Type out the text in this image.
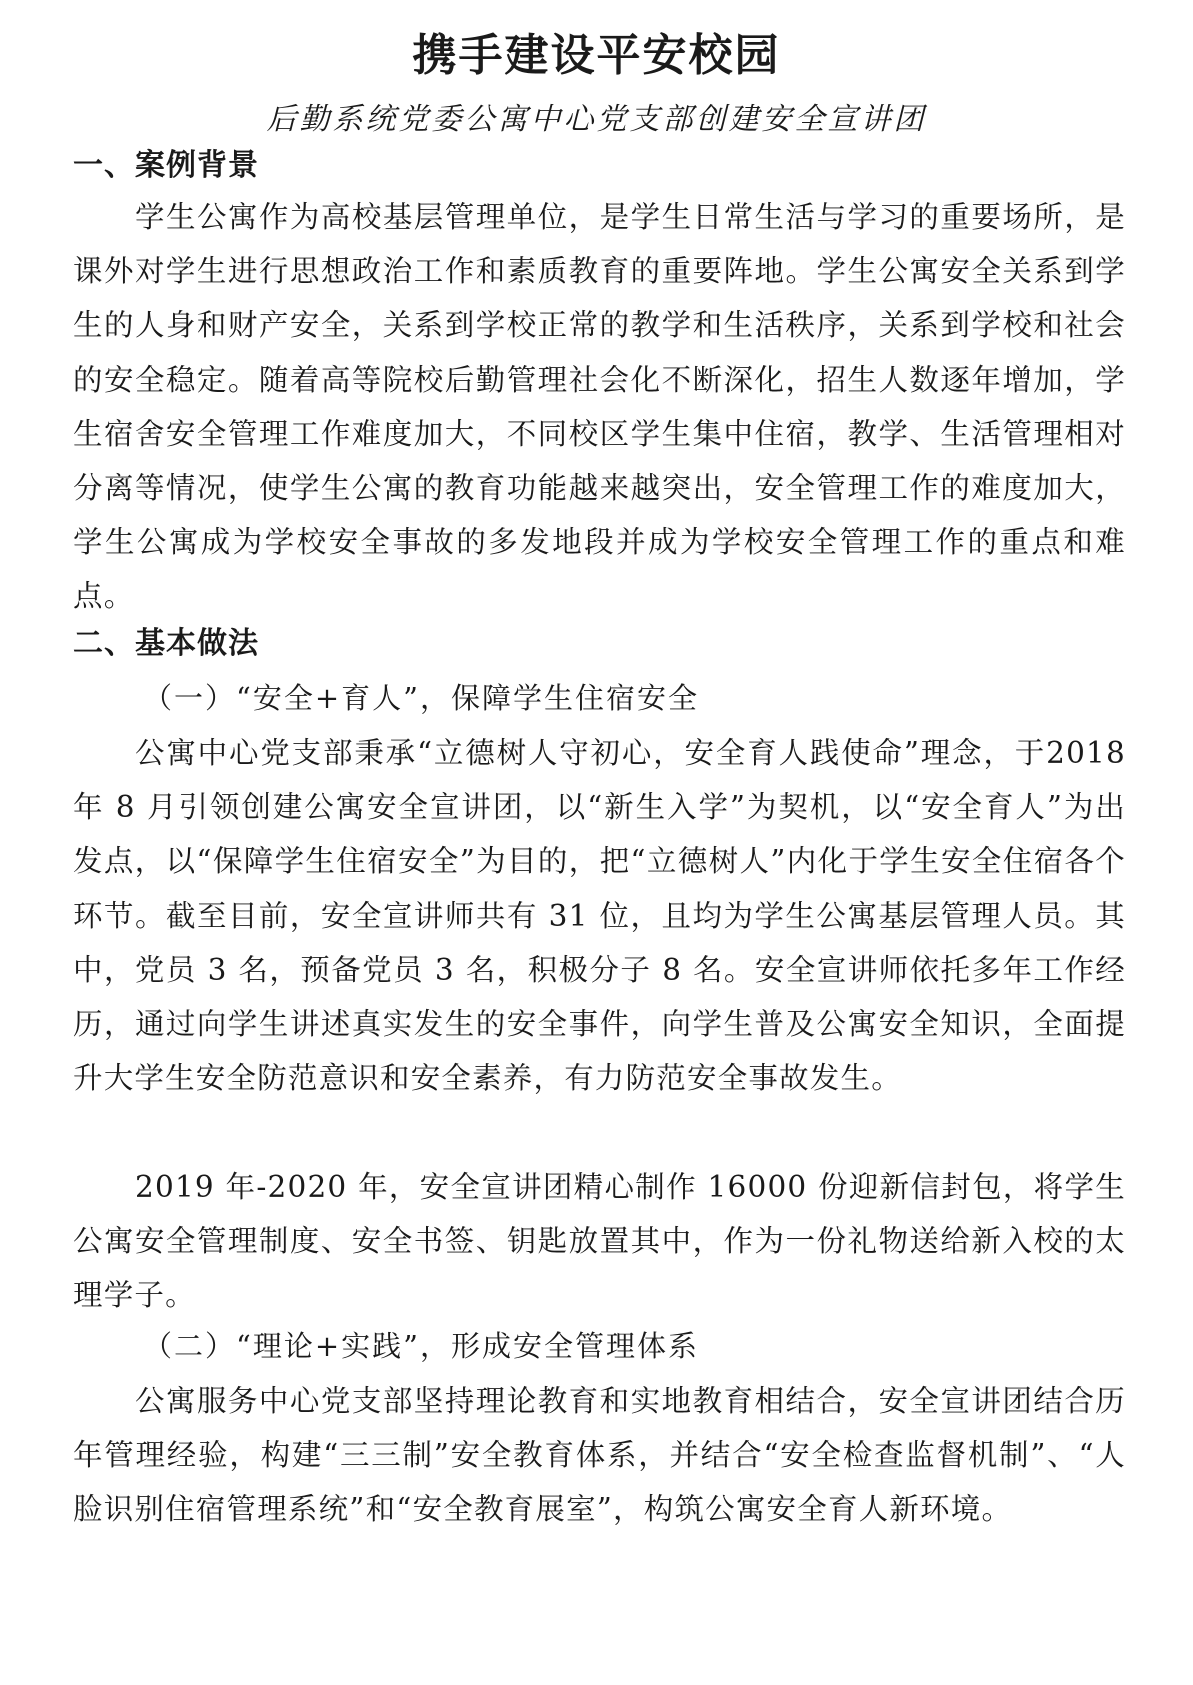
携手建设平安校园
后勤系统党委公寓中心党支部创建安全宣讲团
一、案例背景

学生公寓作为高校基层管理单位，是学生日常生活与学习的重要场所，是课外对学生进行思想政治工作和素质教育的重要阵地。学生公寓安全关系到学生的人身和财产安全，关系到学校正常的教学和生活秩序，关系到学校和社会的安全稳定。随着高等院校后勤管理社会化不断深化，招生人数逐年增加，学生宿舍安全管理工作难度加大，不同校区学生集中住宿，教学、生活管理相对分离等情况，使学生公寓的教育功能越来越突出，安全管理工作的难度加大，学生公寓成为学校安全事故的多发地段并成为学校安全管理工作的重点和难点。

二、基本做法
（一）“安全+育人”，保障学生住宿安全

公寓中心党支部秉承“立德树人守初心，安全育人践使命”理念，于2018 年 8 月引领创建公寓安全宣讲团，以“新生入学”为契机，以“安全育人”为出发点，以“保障学生住宿安全”为目的，把“立德树人”内化于学生安全住宿各个环节。截至目前，安全宣讲师共有 31 位，且均为学生公寓基层管理人员。其中，党员 3 名，预备党员 3 名，积极分子 8 名。安全宣讲师依托多年工作经历，通过向学生讲述真实发生的安全事件，向学生普及公寓安全知识，全面提升大学生安全防范意识和安全素养，有力防范安全事故发生。

2019 年-2020 年，安全宣讲团精心制作 16000 份迎新信封包，将学生公寓安全管理制度、安全书签、钥匙放置其中，作为一份礼物送给新入校的太理学子。

（二）“理论+实践”，形成安全管理体系

公寓服务中心党支部坚持理论教育和实地教育相结合，安全宣讲团结合历年管理经验，构建“三三制”安全教育体系，并结合“安全检查监督机制”、“人脸识别住宿管理系统”和“安全教育展室”，构筑公寓安全育人新环境。
